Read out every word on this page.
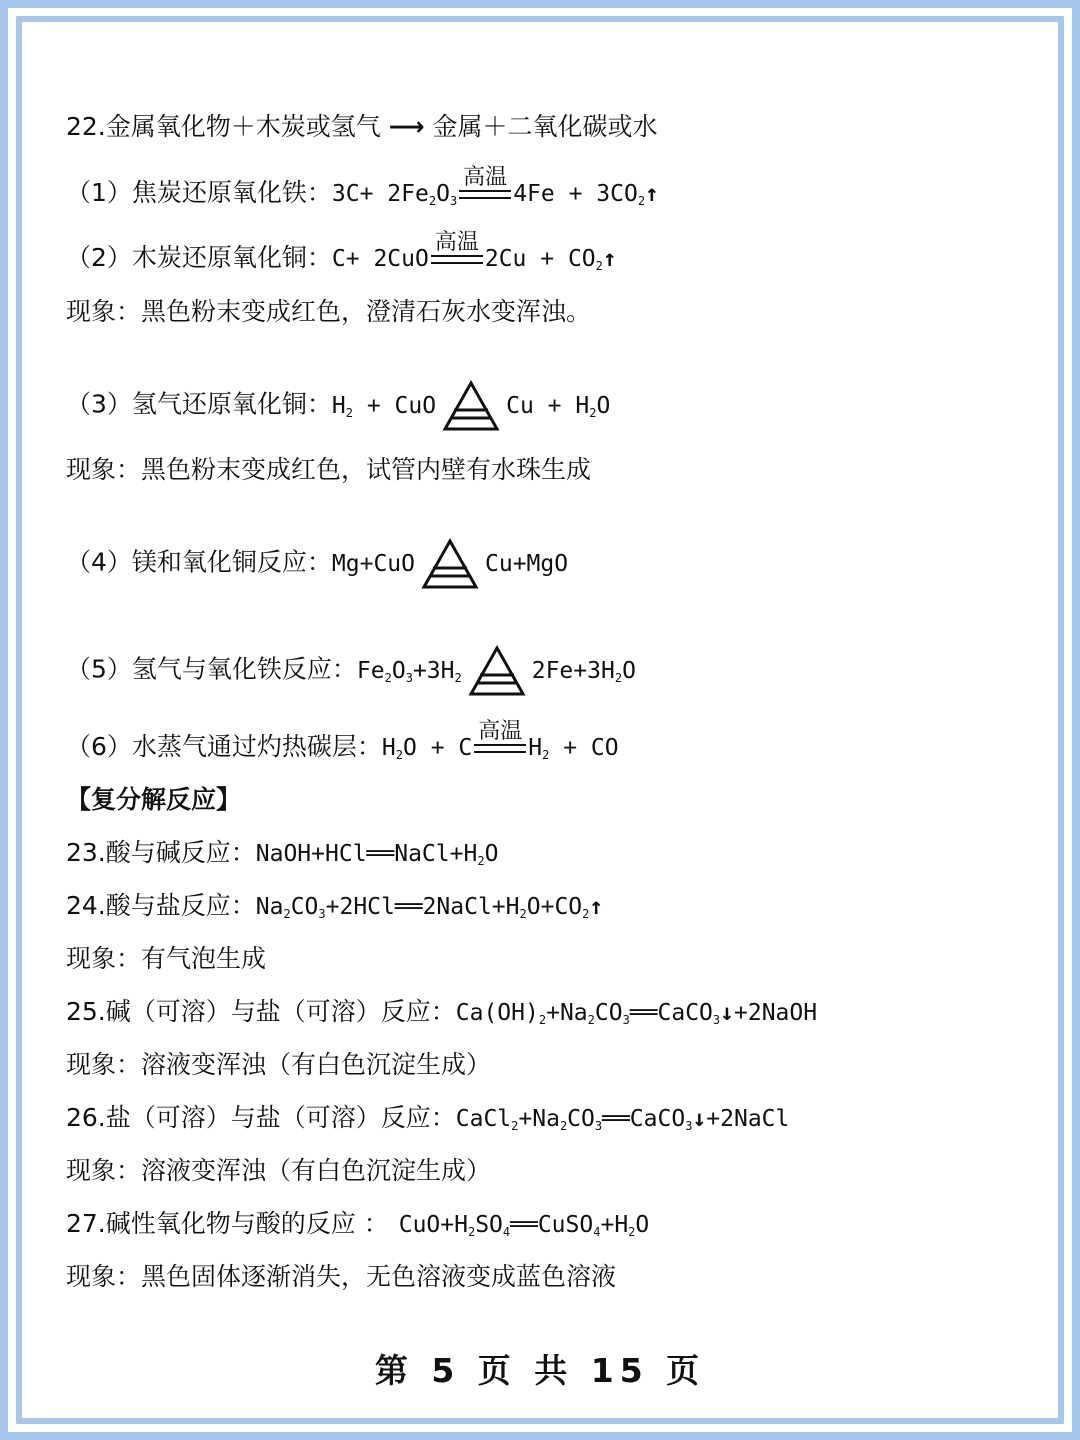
22.金属氧化物＋木炭或氢气 ⟶ 金属＋二氧化碳或水
（1）焦炭还原氧化铁：$3C+ 2Fe_2O_3$
高温
$4Fe + 3CO_2↑$
（2）木炭还原氧化铜：C+ 2CuO
高温
$2Cu + CO_2↑$
现象：黑色粉末变成红色，澄清石灰水变浑浊。
（3）氢气还原氧化铜：$H_2$ + CuO	$Cu + H_2O$
现象：黑色粉末变成红色，试管内壁有水珠生成
（4）镁和氧化铜反应：Mg+CuO	Cu+MgO
（5）氢气与氧化铁反应：$Fe_2O_3+3H_2$	$2Fe+3H_2O$
（6）水蒸气通过灼热碳层：$H_2O + C$
高温
$H_2$ + CO
【复分解反应】
23.酸与碱反应：$NaOH+HCl══NaCl+H_2O$
24.酸与盐反应：$Na_2CO_3+2HCl══2NaCl+H_2O+CO_2↑$
现象：有气泡生成
25.碱（可溶）与盐（可溶）反应：$Ca(OH)_2+Na_2CO_3══CaCO_3↓+2NaOH$
现象：溶液变浑浊（有白色沉淀生成）
26.盐（可溶）与盐（可溶）反应：$CaCl_2+Na_2CO_3══CaCO_3↓+2NaCl$
现象：溶液变浑浊（有白色沉淀生成）
27.碱性氧化物与酸的反应 ： $CuO+H_2SO_4══CuSO_4+H_2O$
现象：黑色固体逐渐消失，无色溶液变成蓝色溶液
第 5 页 共 15 页
